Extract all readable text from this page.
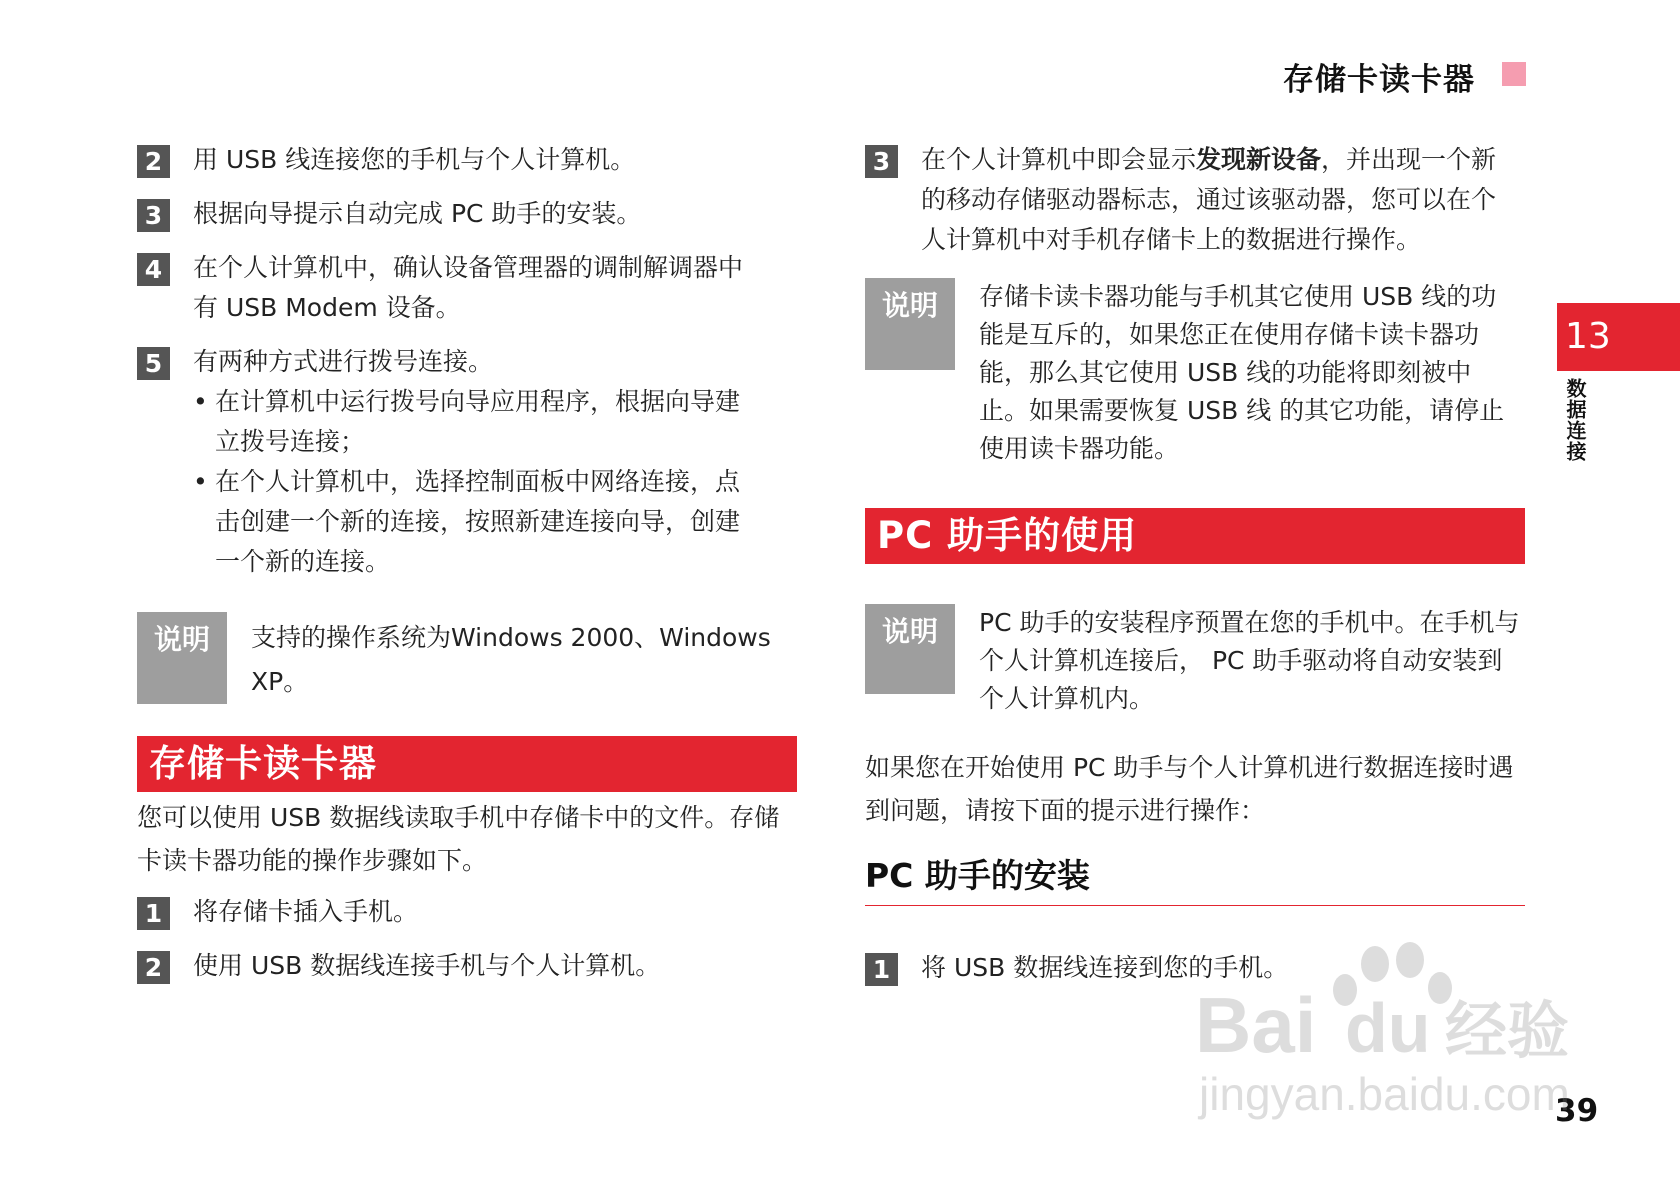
存储卡读卡器
2	用 USB 线连接您的手机与个人计算机。
3	根据向导提示自动完成 PC 助手的安装。
4	在个人计算机中，确认设备管理器的调制解调器中有 USB Modem 设备。
5	有两种方式进行拨号连接。
• 在计算机中运行拨号向导应用程序，根据向导建立拨号连接；
• 在个人计算机中，选择控制面板中网络连接，点击创建一个新的连接，按照新建连接向导，创建一个新的连接。
说明	支持的操作系统为Windows 2000、Windows XP。
存储卡读卡器
您可以使用 USB 数据线读取手机中存储卡中的文件。存储卡读卡器功能的操作步骤如下。
1	将存储卡插入手机。
2	使用 USB 数据线连接手机与个人计算机。
3	在个人计算机中即会显示发现新设备，并出现一个新的移动存储驱动器标志，通过该驱动器，您可以在个人计算机中对手机存储卡上的数据进行操作。
说明	存储卡读卡器功能与手机其它使用 USB 线的功能是互斥的，如果您正在使用存储卡读卡器功能，那么其它使用 USB 线的功能将即刻被中止。如果需要恢复 USB 线 的其它功能，请停止使用读卡器功能。
PC 助手的使用
说明	PC 助手的安装程序预置在您的手机中。在手机与个人计算机连接后， PC 助手驱动将自动安装到个人计算机内。
如果您在开始使用 PC 助手与个人计算机进行数据连接时遇到问题，请按下面的提示进行操作：
PC 助手的安装
1	将 USB 数据线连接到您的手机。
13
数据连接
39
Bai du 经验
jingyan.baidu.com
